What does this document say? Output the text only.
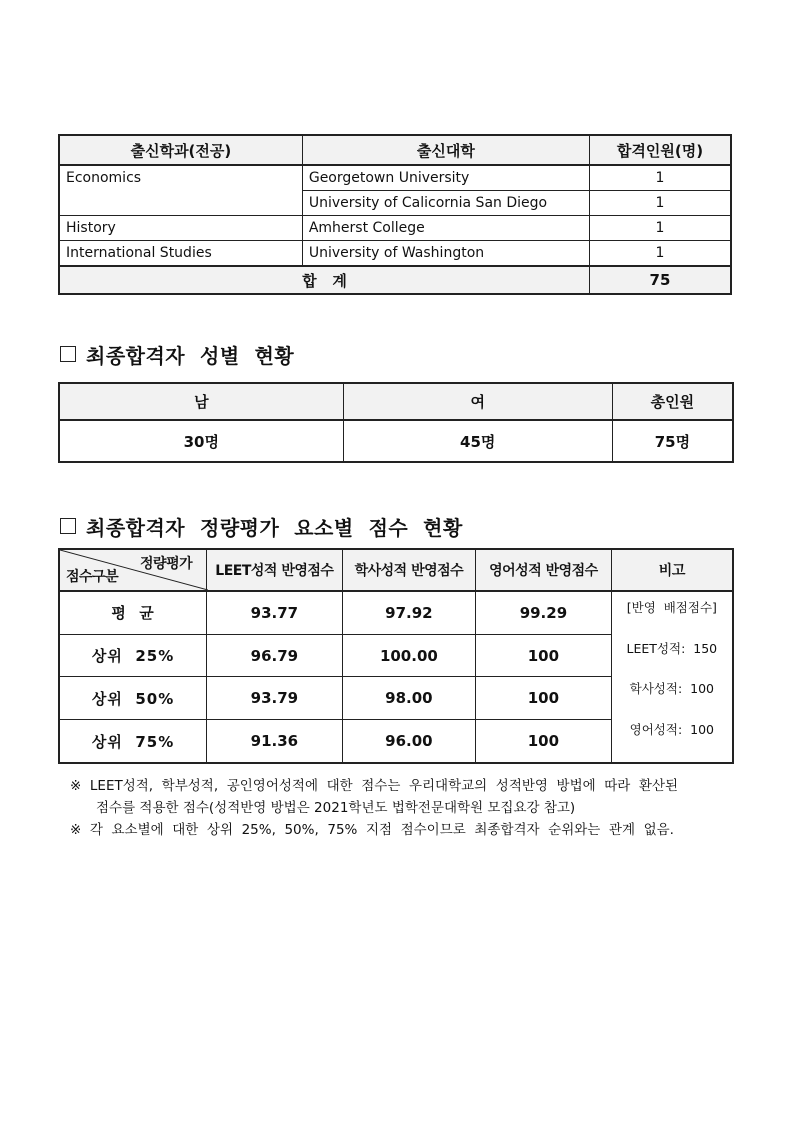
출신학과(전공)	출신대학	합격인원(명)
Economics	Georgetown University	1
	University of Calicornia San Diego	1
History	Amherst College	1
International Studies	University of Washington	1
합   계		75
최종합격자  성별  현황
남	여	총인원
30명	45명	75명
최종합격자  정량평가  요소별  점수  현황
정량평가
점수구분	LEET성적 반영점수	학사성적 반영점수	영어성적 반영점수	비고
평  균	93.77	97.92	99.29	[반영  배점점수]
LEET성적:  150
학사성적:  100
영어성적:  100

상위  25%	96.79	100.00	100	
상위  50%	93.79	98.00	100	
상위  75%	91.36	96.00	100	

※  LEET성적,  학부성적,  공인영어성적에  대한  점수는  우리대학교의  성적반영  방법에  따라  환산된

점수를 적용한 점수(성적반영 방법은 2021학년도 법학전문대학원 모집요강 참고)

※  각  요소별에  대한  상위  25%,  50%,  75%  지점  점수이므로  최종합격자  순위와는  관계  없음.
